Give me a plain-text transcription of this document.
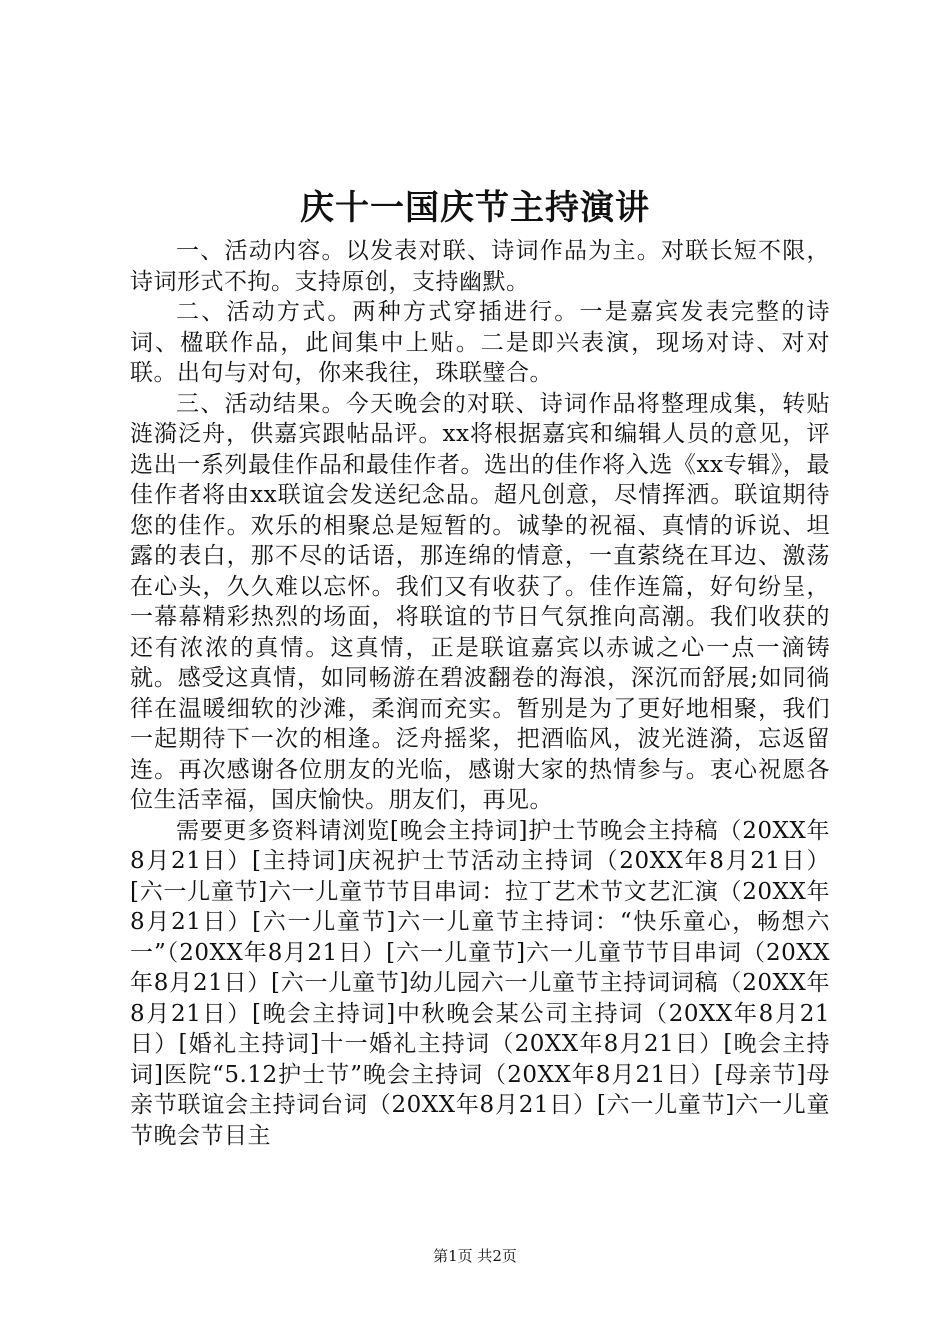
庆十一国庆节主持演讲

一、活动内容。以发表对联、诗词作品为主。对联长短不限，诗词形式不拘。支持原创，支持幽默。

二、活动方式。两种方式穿插进行。一是嘉宾发表完整的诗词、楹联作品，此间集中上贴。二是即兴表演，现场对诗、对对联。出句与对句，你来我往，珠联璧合。

三、活动结果。今天晚会的对联、诗词作品将整理成集，转贴涟漪泛舟，供嘉宾跟帖品评。xx将根据嘉宾和编辑人员的意见，评选出一系列最佳作品和最佳作者。选出的佳作将入选《xx专辑》，最佳作者将由xx联谊会发送纪念品。超凡创意，尽情挥洒。联谊期待您的佳作。欢乐的相聚总是短暂的。诚挚的祝福、真情的诉说、坦露的表白，那不尽的话语，那连绵的情意，一直萦绕在耳边、激荡在心头，久久难以忘怀。我们又有收获了。佳作连篇，好句纷呈，一幕幕精彩热烈的场面，将联谊的节日气氛推向高潮。我们收获的还有浓浓的真情。这真情，正是联谊嘉宾以赤诚之心一点一滴铸就。感受这真情，如同畅游在碧波翻卷的海浪，深沉而舒展;如同徜徉在温暖细软的沙滩，柔润而充实。暂别是为了更好地相聚，我们一起期待下一次的相逢。泛舟摇桨，把酒临风，波光涟漪，忘返留连。再次感谢各位朋友的光临，感谢大家的热情参与。衷心祝愿各位生活幸福，国庆愉快。朋友们，再见。

需要更多资料请浏览[晚会主持词]护士节晚会主持稿（20XX年8月21日）[主持词]庆祝护士节活动主持词（20XX年8月21日）[六一儿童节]六一儿童节节目串词：拉丁艺术节文艺汇演（20XX年8月21日）[六一儿童节]六一儿童节主持词：“快乐童心，畅想六一”（20XX年8月21日）[六一儿童节]六一儿童节节目串词（20XX年8月21日）[六一儿童节]幼儿园六一儿童节主持词词稿（20XX年8月21日）[晚会主持词]中秋晚会某公司主持词（20XX年8月21日）[婚礼主持词]十一婚礼主持词（20XX年8月21日）[晚会主持词]医院“5.12护士节”晚会主持词（20XX年8月21日）[母亲节]母亲节联谊会主持词台词（20XX年8月21日）[六一儿童节]六一儿童节晚会节目主

第1页 共2页
